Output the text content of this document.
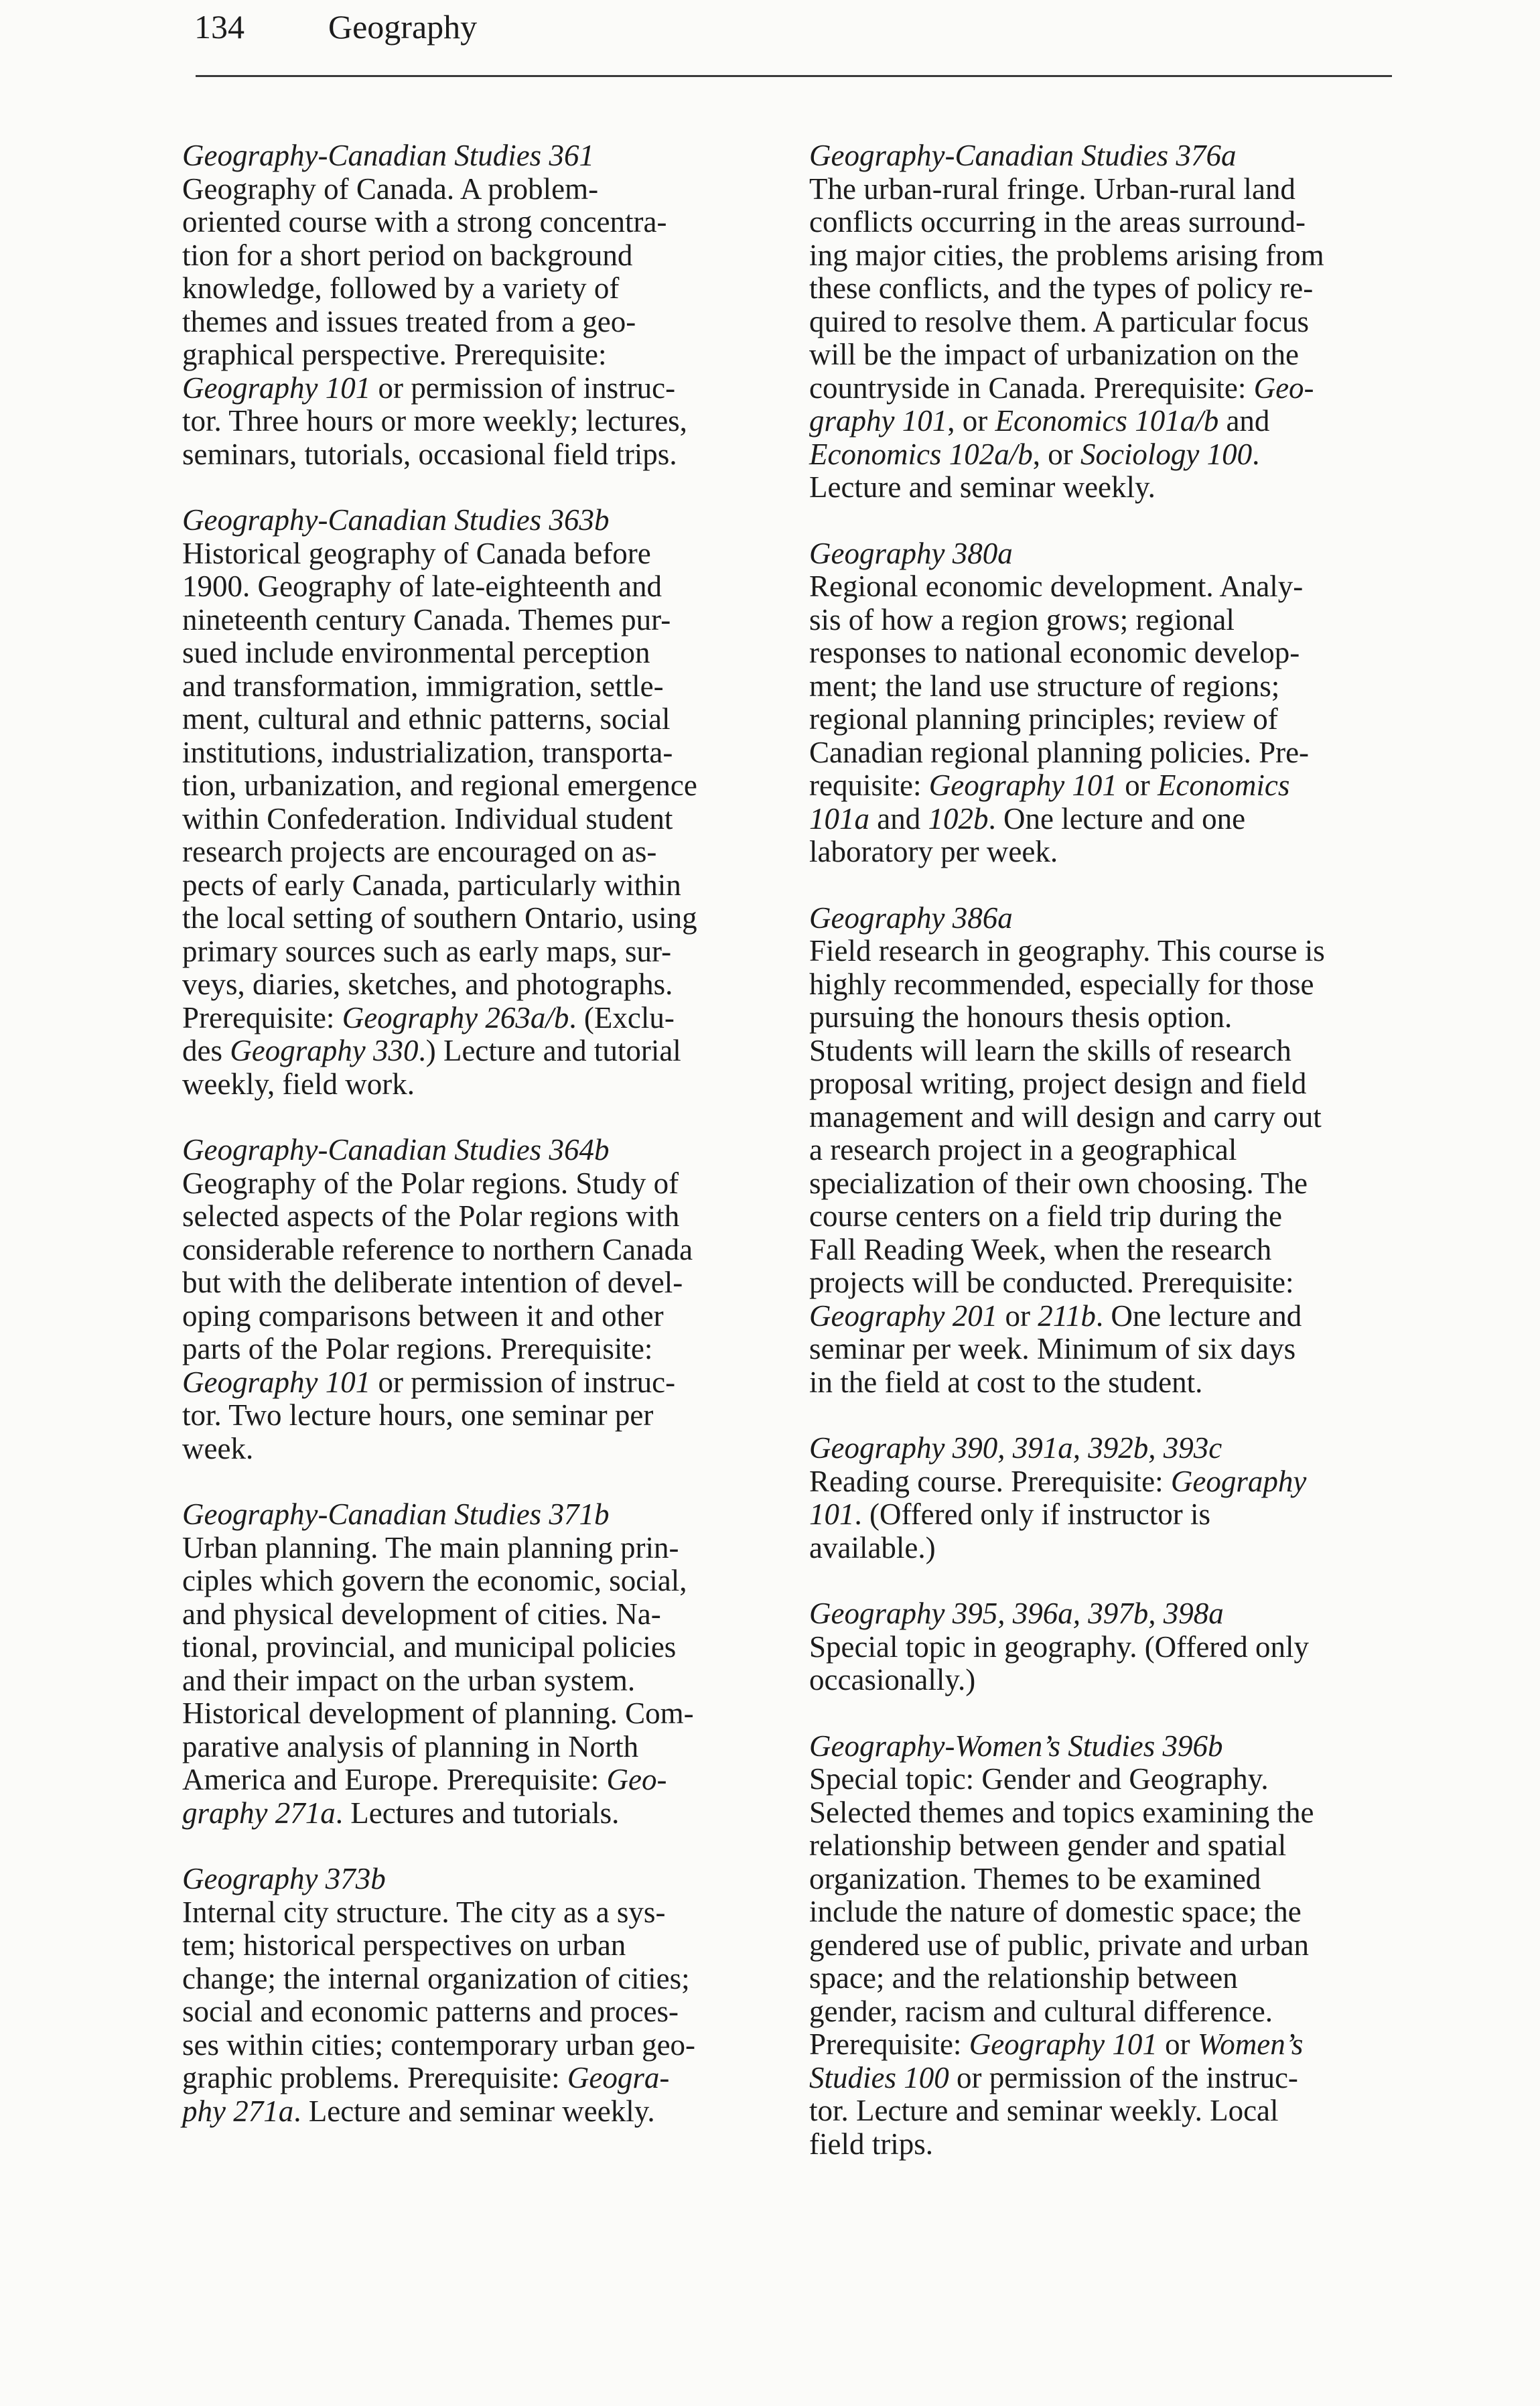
134	Geography
Geography-Canadian Studies 361
Geography of Canada. A problem-
oriented course with a strong concentra-
tion for a short period on background
knowledge, followed by a variety of
themes and issues treated from a geo-
graphical perspective. Prerequisite:
Geography 101 or permission of instruc-
tor. Three hours or more weekly; lectures,
seminars, tutorials, occasional field trips.
Geography-Canadian Studies 363b
Historical geography of Canada before
1900. Geography of late-eighteenth and
nineteenth century Canada. Themes pur-
sued include environmental perception
and transformation, immigration, settle-
ment, cultural and ethnic patterns, social
institutions, industrialization, transporta-
tion, urbanization, and regional emergence
within Confederation. Individual student
research projects are encouraged on as-
pects of early Canada, particularly within
the local setting of southern Ontario, using
primary sources such as early maps, sur-
veys, diaries, sketches, and photographs.
Prerequisite: Geography 263a/b. (Exclu-
des Geography 330.) Lecture and tutorial
weekly, field work.
Geography-Canadian Studies 364b
Geography of the Polar regions. Study of
selected aspects of the Polar regions with
considerable reference to northern Canada
but with the deliberate intention of devel-
oping comparisons between it and other
parts of the Polar regions. Prerequisite:
Geography 101 or permission of instruc-
tor. Two lecture hours, one seminar per
week.
Geography-Canadian Studies 371b
Urban planning. The main planning prin-
ciples which govern the economic, social,
and physical development of cities. Na-
tional, provincial, and municipal policies
and their impact on the urban system.
Historical development of planning. Com-
parative analysis of planning in North
America and Europe. Prerequisite: Geo-
graphy 271a. Lectures and tutorials.
Geography 373b
Internal city structure. The city as a sys-
tem; historical perspectives on urban
change; the internal organization of cities;
social and economic patterns and proces-
ses within cities; contemporary urban geo-
graphic problems. Prerequisite: Geogra-
phy 271a. Lecture and seminar weekly.
Geography-Canadian Studies 376a
The urban-rural fringe. Urban-rural land
conflicts occurring in the areas surround-
ing major cities, the problems arising from
these conflicts, and the types of policy re-
quired to resolve them. A particular focus
will be the impact of urbanization on the
countryside in Canada. Prerequisite: Geo-
graphy 101, or Economics 101a/b and
Economics 102a/b, or Sociology 100.
Lecture and seminar weekly.
Geography 380a
Regional economic development. Analy-
sis of how a region grows; regional
responses to national economic develop-
ment; the land use structure of regions;
regional planning principles; review of
Canadian regional planning policies. Pre-
requisite: Geography 101 or Economics
101a and 102b. One lecture and one
laboratory per week.
Geography 386a
Field research in geography. This course is
highly recommended, especially for those
pursuing the honours thesis option.
Students will learn the skills of research
proposal writing, project design and field
management and will design and carry out
a research project in a geographical
specialization of their own choosing. The
course centers on a field trip during the
Fall Reading Week, when the research
projects will be conducted. Prerequisite:
Geography 201 or 211b. One lecture and
seminar per week. Minimum of six days
in the field at cost to the student.
Geography 390, 391a, 392b, 393c
Reading course. Prerequisite: Geography
101. (Offered only if instructor is
available.)
Geography 395, 396a, 397b, 398a
Special topic in geography. (Offered only
occasionally.)
Geography-Women’s Studies 396b
Special topic: Gender and Geography.
Selected themes and topics examining the
relationship between gender and spatial
organization. Themes to be examined
include the nature of domestic space; the
gendered use of public, private and urban
space; and the relationship between
gender, racism and cultural difference.
Prerequisite: Geography 101 or Women’s
Studies 100 or permission of the instruc-
tor. Lecture and seminar weekly. Local
field trips.
